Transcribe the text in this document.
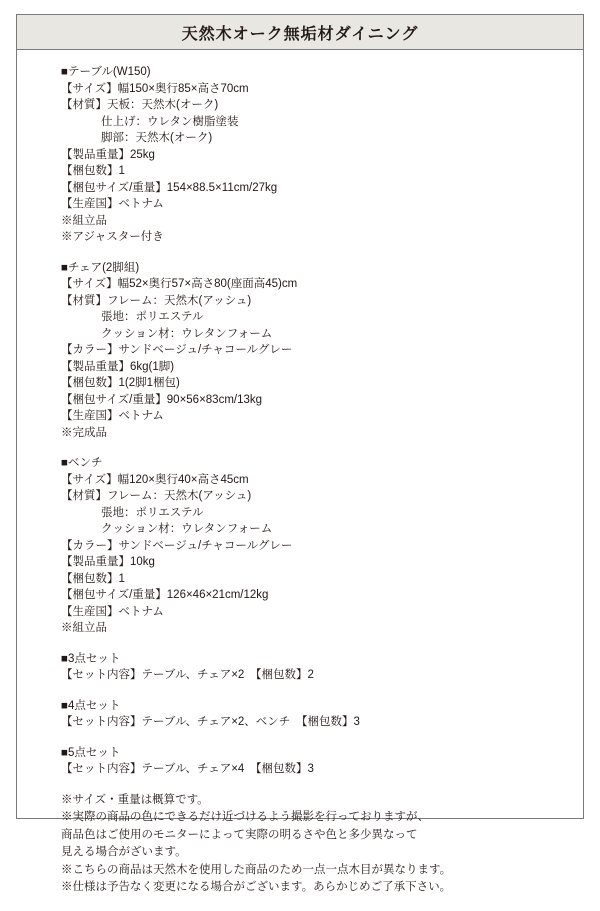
天然木オーク無垢材ダイニング
■テーブル(W150)
【サイズ】幅150×奥行85×高さ70cm
【材質】天板：天然木(オーク)
仕上げ：ウレタン樹脂塗装
脚部：天然木(オーク)
【製品重量】25kg
【梱包数】1
【梱包サイズ/重量】154×88.5×11cm/27kg
【生産国】ベトナム
※組立品
※アジャスター付き
■チェア(2脚組)
【サイズ】幅52×奥行57×高さ80(座面高45)cm
【材質】フレーム：天然木(アッシュ)
張地：ポリエステル
クッション材：ウレタンフォーム
【カラー】サンドベージュ/チャコールグレー
【製品重量】6kg(1脚)
【梱包数】1(2脚1梱包)
【梱包サイズ/重量】90×56×83cm/13kg
【生産国】ベトナム
※完成品
■ベンチ
【サイズ】幅120×奥行40×高さ45cm
【材質】フレーム：天然木(アッシュ)
張地：ポリエステル
クッション材：ウレタンフォーム
【カラー】サンドベージュ/チャコールグレー
【製品重量】10kg
【梱包数】1
【梱包サイズ/重量】126×46×21cm/12kg
【生産国】ベトナム
※組立品
■3点セット
【セット内容】テーブル、チェア×2　【梱包数】2
■4点セット
【セット内容】テーブル、チェア×2、ベンチ　【梱包数】3
■5点セット
【セット内容】テーブル、チェア×4　【梱包数】3
※サイズ・重量は概算です。
※実際の商品の色にできるだけ近づけるよう撮影を行っておりますが、
商品色はご使用のモニターによって実際の明るさや色と多少異なって
見える場合がざいます。
※こちらの商品は天然木を使用した商品のため一点一点木目が異なります。
※仕様は予告なく変更になる場合がございます。あらかじめご了承下さい。
